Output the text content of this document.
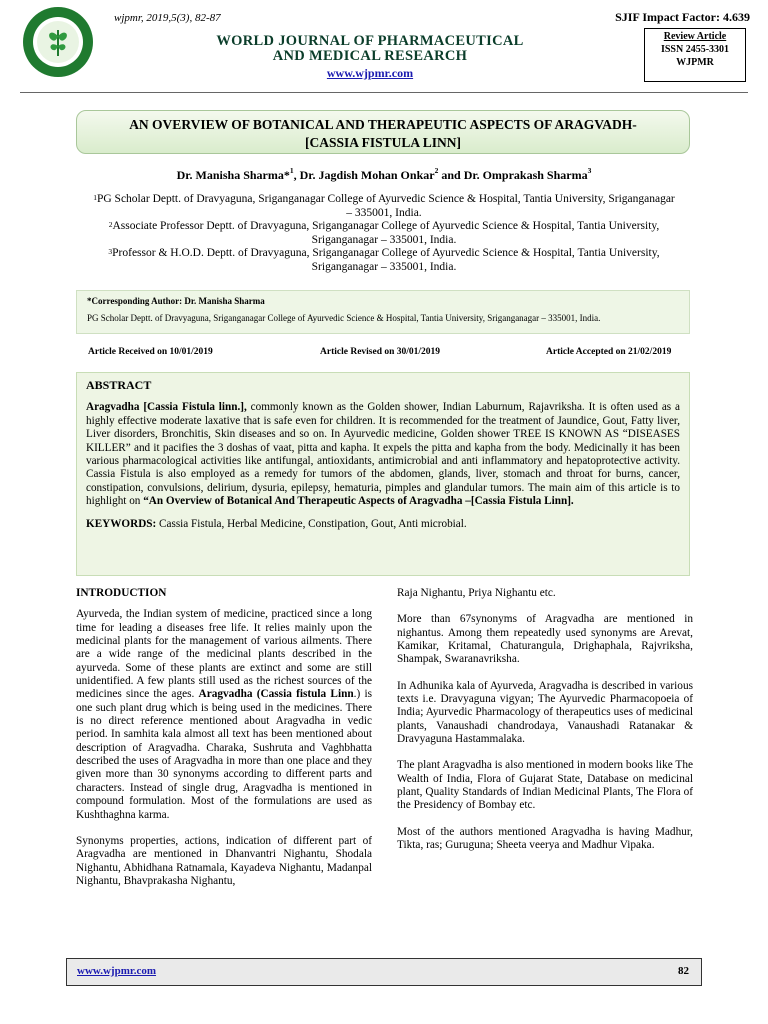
wjpmr, 2019,5(3), 82-87	SJIF Impact Factor: 4.639
WORLD JOURNAL OF PHARMACEUTICAL
AND MEDICAL RESEARCH
www.wjpmr.com
Review Article
ISSN 2455-3301
WJPMR
AN OVERVIEW OF BOTANICAL AND THERAPEUTIC ASPECTS OF ARAGVADH-
[CASSIA FISTULA LINN]
Dr. Manisha Sharma*$^1$, Dr. Jagdish Mohan Onkar$^2$ and Dr. Omprakash Sharma$^3$
$^1$PG Scholar Deptt. of Dravyaguna, Sriganganagar College of Ayurvedic Science & Hospital, Tantia University, Sriganganagar – 335001, India.
$^2$Associate Professor Deptt. of Dravyaguna, Sriganganagar College of Ayurvedic Science & Hospital, Tantia University, Sriganganagar – 335001, India.
$^3$Professor & H.O.D. Deptt. of Dravyaguna, Sriganganagar College of Ayurvedic Science & Hospital, Tantia University, Sriganganagar – 335001, India.
*Corresponding Author: Dr. Manisha Sharma
PG Scholar Deptt. of Dravyaguna, Sriganganagar College of Ayurvedic Science & Hospital, Tantia University, Sriganganagar – 335001, India.
Article Received on 10/01/2019	Article Revised on 30/01/2019	Article Accepted on 21/02/2019
ABSTRACT
Aragvadha [Cassia Fistula linn.], commonly known as the Golden shower, Indian Laburnum, Rajavriksha. It is often used as a highly effective moderate laxative that is safe even for children. It is recommended for the treatment of Jaundice, Gout, Fatty liver, Liver disorders, Bronchitis, Skin diseases and so on. In Ayurvedic medicine, Golden shower TREE IS KNOWN AS “DISEASES KILLER” and it pacifies the 3 doshas of vaat, pitta and kapha. It expels the pitta and kapha from the body. Medicinally it has been various pharmacological activities like antifungal, antioxidants, antimicrobial and anti inflammatory and hepatoprotective activity. Cassia Fistula is also employed as a remedy for tumors of the abdomen, glands, liver, stomach and throat for burns, cancer, constipation, convulsions, delirium, dysuria, epilepsy, hematuria, pimples and glandular tumors. The main aim of this article is to highlight on “An Overview of Botanical And Therapeutic Aspects of Aragvadha –[Cassia Fistula Linn].
KEYWORDS: Cassia Fistula, Herbal Medicine, Constipation, Gout, Anti microbial.
INTRODUCTION

Ayurveda, the Indian system of medicine, practiced since a long time for leading a diseases free life. It relies mainly upon the medicinal plants for the management of various ailments. There are a wide range of the medicinal plants described in the ayurveda. Some of these plants are extinct and some are still unidentified. A few plants still used as the richest sources of the medicines since the ages. Aragvadha (Cassia fistula Linn.) is one such plant drug which is being used in the medicines. There is no direct reference mentioned about Aragvadha in vedic period. In samhita kala almost all text has been mentioned about description of Aragvadha. Charaka, Sushruta and Vaghbhatta described the uses of Aragvadha in more than one place and they given more than 30 synonyms according to different parts and characters. Instead of single drug, Aragvadha is mentioned in compound formulation. Most of the formulations are used as Kushthaghna karma.

Synonyms properties, actions, indication of different part of Aragvadha are mentioned in Dhanvantri Nighantu, Shodala Nighantu, Abhidhana Ratnamala, Kayadeva Nighantu, Madanpal Nighantu, Bhavprakasha Nighantu,

Raja Nighantu, Priya Nighantu etc.

More than 67synonyms of Aragvadha are mentioned in nighantus. Among them repeatedly used synonyms are Arevat, Kamikar, Kritamal, Chaturangula, Drighaphala, Rajvriksha, Shampak, Swaranavriksha.

In Adhunika kala of Ayurveda, Aragvadha is described in various texts i.e. Dravyaguna vigyan; The Ayurvedic Pharmacopoeia of India; Ayurvedic Pharmacology of therapeutics uses of medicinal plants, Vanaushadi chandrodaya, Vanaushadi Ratanakar & Dravyaguna Hastammalaka.

The plant Aragvadha is also mentioned in modern books like The Wealth of India, Flora of Gujarat State, Database on medicinal plant, Quality Standards of Indian Medicinal Plants, The Flora of the Presidency of Bombay etc.

Most of the authors mentioned Aragvadha is having Madhur, Tikta, ras; Guruguna; Sheeta veerya and Madhur Vipaka.

www.wjpmr.com	82
